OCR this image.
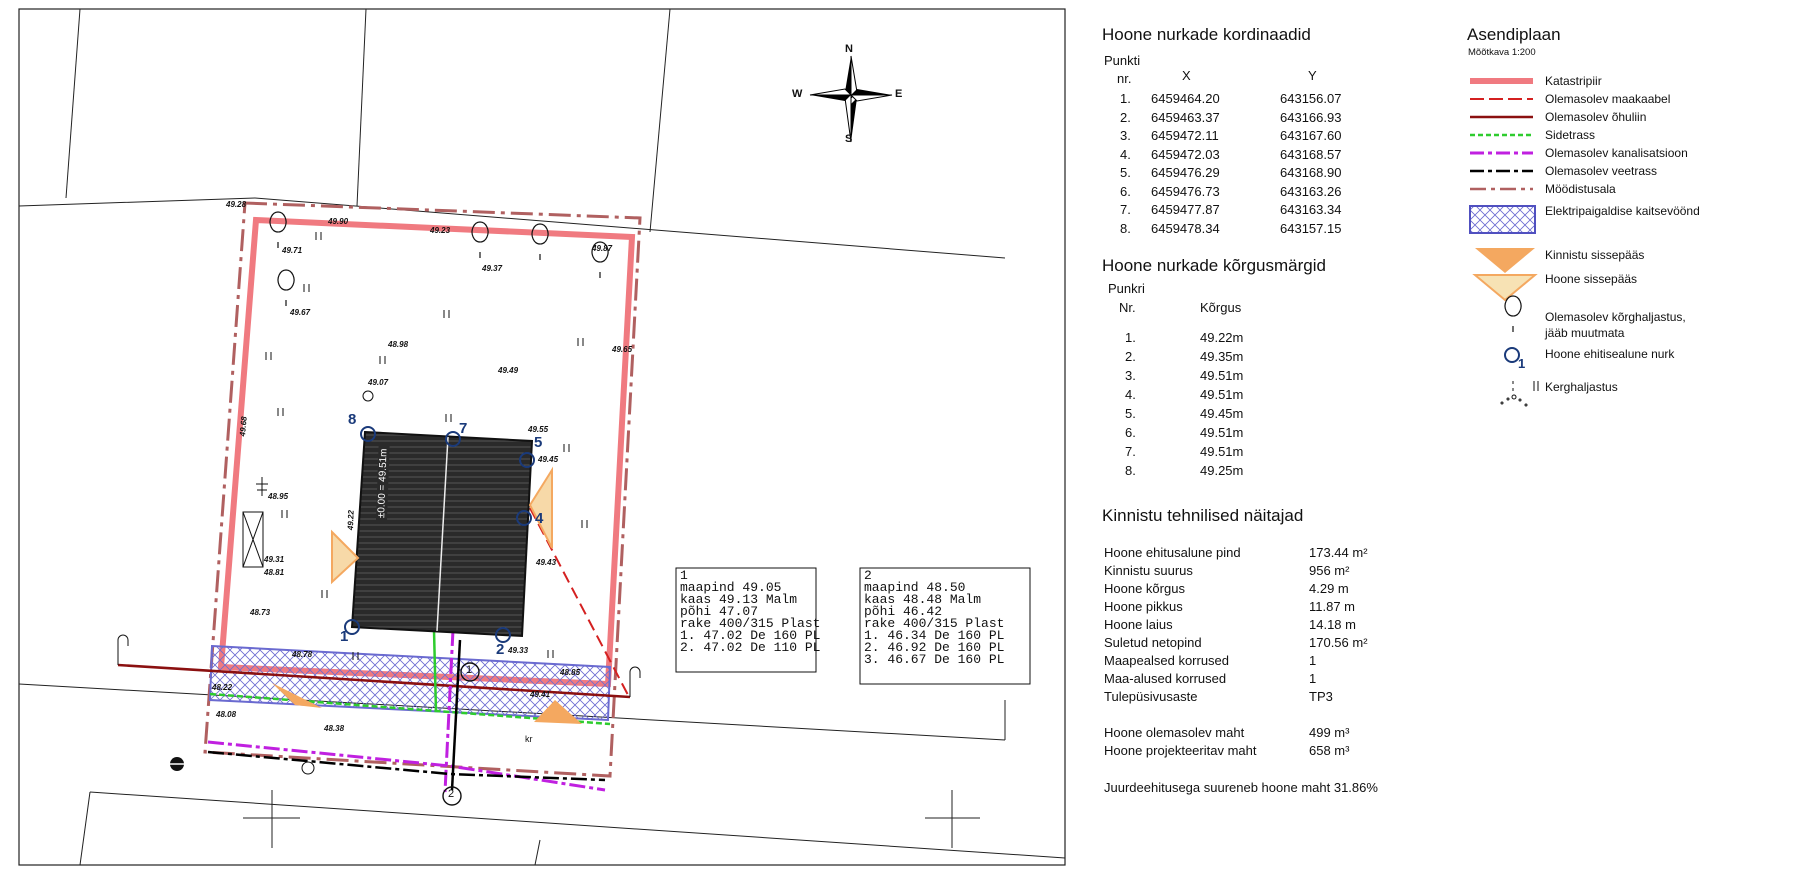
N
S
W	E
1
maapind 49.05
kaas 49.13 Malm
põhi 47.07
rake 400/315 Plast
1. 47.02 De 160 PL
2. 47.02 De 110 PL
2
maapind 48.50
kaas 48.48 Malm
põhi 46.42
rake 400/315 Plast
1. 46.34 De 160 PL
2. 46.92 De 160 PL
3. 46.67 De 160 PL
±0.00 = 49.51m
1
2
4
5
7
8
1
2
kr
49.55
49.90
49.23
49.87
49.71
49.37
49.67
48.98
49.49
49.65
49.07
49.68
48.95
48.81
48.73
48.78	49.33
48.85
48.22
48.08
48.38
49.45
49.43
49.41
49.28
49.22
49.31
Hoone nurkade kordinaadid
Punkti
nr.	X	Y
1. 6459464.20	643156.07
2. 6459463.37	643166.93
3. 6459472.11	643167.60
4. 6459472.03	643168.57
5. 6459476.29	643168.90
6. 6459476.73	643163.26
7. 6459477.87	643163.34
8. 6459478.34	643157.15
Hoone nurkade kõrgusmärgid
Punkri
Nr.	Kõrgus
1.	49.22m
2.	49.35m
3.	49.51m
4.	49.51m
5.	49.45m
6.	49.51m
7.	49.51m
8.	49.25m
Kinnistu tehnilised näitajad
Hoone ehitusalune pind	173.44 m²
Kinnistu suurus	956 m²
Hoone kõrgus	4.29 m
Hoone pikkus	11.87 m
Hoone laius	14.18 m
Suletud netopind	170.56 m²
Maapealsed korrused	1
Maa-alused korrused	1
Tulepüsivusaste	TP3
Hoone olemasolev maht	499 m³
Hoone projekteeritav maht	658 m³
Juurdeehitusega suureneb hoone maht 31.86%
Asendiplaan
Mõõtkava 1:200
Katastripiir
Olemasolev maakaabel
Olemasolev õhuliin
Sidetrass
Olemasolev kanalisatsioon
Olemasolev veetrass
Möödistusala
Elektripaigaldise kaitsevöönd
Kinnistu sissepääs
Hoone sissepääs
Olemasolev kõrghaljastus,
jääb muutmata
Hoone ehitisealune nurk
Kerghaljastus
1
